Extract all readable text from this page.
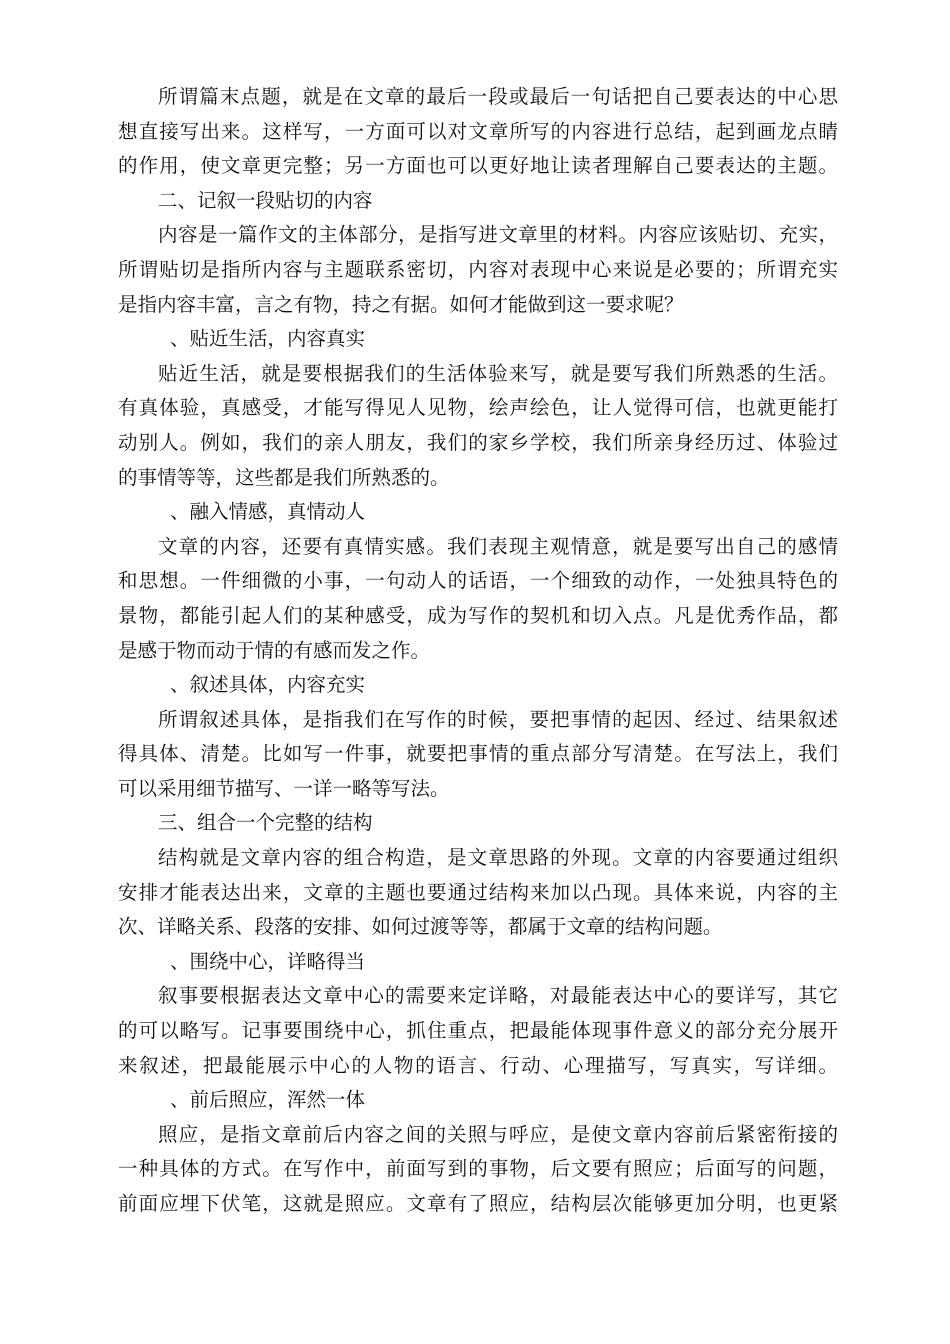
所谓篇末点题，就是在文章的最后一段或最后一句话把自己要表达的中心思
想直接写出来。这样写，一方面可以对文章所写的内容进行总结，起到画龙点睛
的作用，使文章更完整；另一方面也可以更好地让读者理解自己要表达的主题。
二、记叙一段贴切的内容
内容是一篇作文的主体部分，是指写进文章里的材料。内容应该贴切、充实，
所谓贴切是指所内容与主题联系密切，内容对表现中心来说是必要的；所谓充实
是指内容丰富，言之有物，持之有据。如何才能做到这一要求呢？
、贴近生活，内容真实
贴近生活，就是要根据我们的生活体验来写，就是要写我们所熟悉的生活。
有真体验，真感受，才能写得见人见物，绘声绘色，让人觉得可信，也就更能打
动别人。例如，我们的亲人朋友，我们的家乡学校，我们所亲身经历过、体验过
的事情等等，这些都是我们所熟悉的。
、融入情感，真情动人
文章的内容，还要有真情实感。我们表现主观情意，就是要写出自己的感情
和思想。一件细微的小事，一句动人的话语，一个细致的动作，一处独具特色的
景物，都能引起人们的某种感受，成为写作的契机和切入点。凡是优秀作品，都
是感于物而动于情的有感而发之作。
、叙述具体，内容充实
所谓叙述具体，是指我们在写作的时候，要把事情的起因、经过、结果叙述
得具体、清楚。比如写一件事，就要把事情的重点部分写清楚。在写法上，我们
可以采用细节描写、一详一略等写法。
三、组合一个完整的结构
结构就是文章内容的组合构造，是文章思路的外现。文章的内容要通过组织
安排才能表达出来，文章的主题也要通过结构来加以凸现。具体来说，内容的主
次、详略关系、段落的安排、如何过渡等等，都属于文章的结构问题。
、围绕中心，详略得当
叙事要根据表达文章中心的需要来定详略，对最能表达中心的要详写，其它
的可以略写。记事要围绕中心，抓住重点，把最能体现事件意义的部分充分展开
来叙述，把最能展示中心的人物的语言、行动、心理描写，写真实，写详细。
、前后照应，浑然一体
照应，是指文章前后内容之间的关照与呼应，是使文章内容前后紧密衔接的
一种具体的方式。在写作中，前面写到的事物，后文要有照应；后面写的问题，
前面应埋下伏笔，这就是照应。文章有了照应，结构层次能够更加分明，也更紧
